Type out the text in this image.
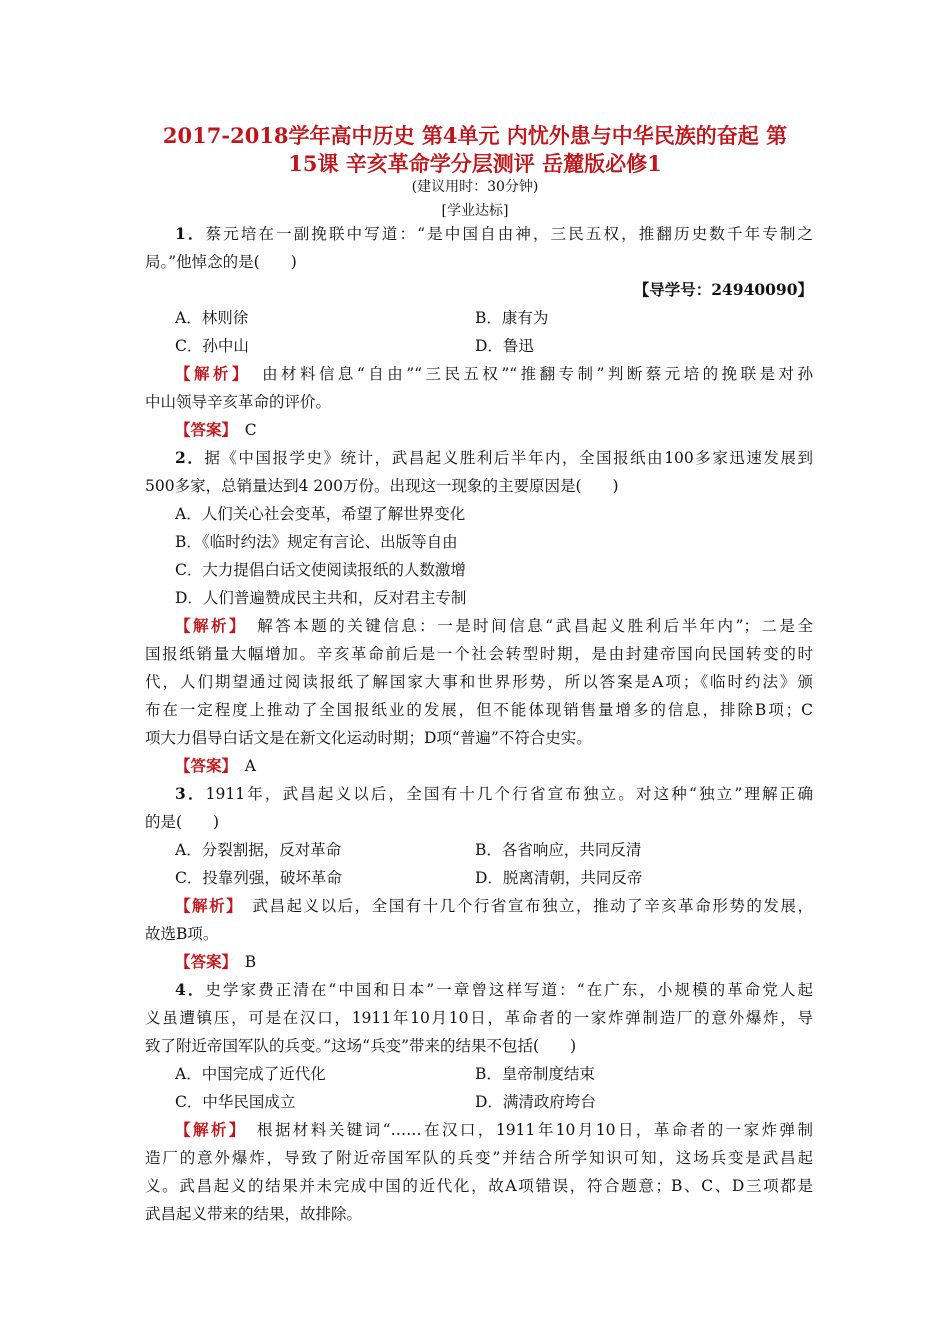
2017-2018学年高中历史 第4单元 内忧外患与中华民族的奋起 第
15课 辛亥革命学分层测评 岳麓版必修1
(建议用时：30分钟)
[学业达标]
1．蔡元培在一副挽联中写道：“是中国自由神，三民五权，推翻历史数千年专制之
局。”他悼念的是(　　)
【导学号：24940090】
A．林则徐	B．康有为
C．孙中山	D．鲁迅
【解析】　 由材料信息“自由”“三民五权”“推翻专制”判断蔡元培的挽联是对孙
中山领导辛亥革命的评价。
【答案】　 C
2．据《中国报学史》统计，武昌起义胜利后半年内，全国报纸由100多家迅速发展到
500多家，总销量达到4 200万份。出现这一现象的主要原因是(　　)
A．人们关心社会变革，希望了解世界变化
B．《临时约法》规定有言论、出版等自由
C．大力提倡白话文使阅读报纸的人数激增
D．人们普遍赞成民主共和，反对君主专制
【解析】　 解答本题的关键信息：一是时间信息“武昌起义胜利后半年内”；二是全
国报纸销量大幅增加。辛亥革命前后是一个社会转型时期，是由封建帝国向民国转变的时
代，人们期望通过阅读报纸了解国家大事和世界形势，所以答案是A项；《临时约法》颁
布在一定程度上推动了全国报纸业的发展，但不能体现销售量增多的信息，排除B项；C
项大力倡导白话文是在新文化运动时期；D项“普遍”不符合史实。
【答案】　 A
3．1911年，武昌起义以后，全国有十几个行省宣布独立。对这种“独立”理解正确
的是(　　)
A．分裂割据，反对革命	B．各省响应，共同反清
C．投靠列强，破坏革命	D．脱离清朝，共同反帝
【解析】　 武昌起义以后，全国有十几个行省宣布独立，推动了辛亥革命形势的发展，
故选B项。
【答案】　 B
4．史学家费正清在“中国和日本”一章曾这样写道：“在广东，小规模的革命党人起
义虽遭镇压，可是在汉口，1911年10月10日，革命者的一家炸弹制造厂的意外爆炸，导
致了附近帝国军队的兵变。”这场“兵变”带来的结果不包括(　　)
A．中国完成了近代化	B．皇帝制度结束
C．中华民国成立	D．满清政府垮台
【解析】　 根据材料关键词“……在汉口，1911年10月10日，革命者的一家炸弹制
造厂的意外爆炸，导致了附近帝国军队的兵变”并结合所学知识可知，这场兵变是武昌起
义。武昌起义的结果并未完成中国的近代化，故A项错误，符合题意；B、C、D三项都是
武昌起义带来的结果，故排除。
